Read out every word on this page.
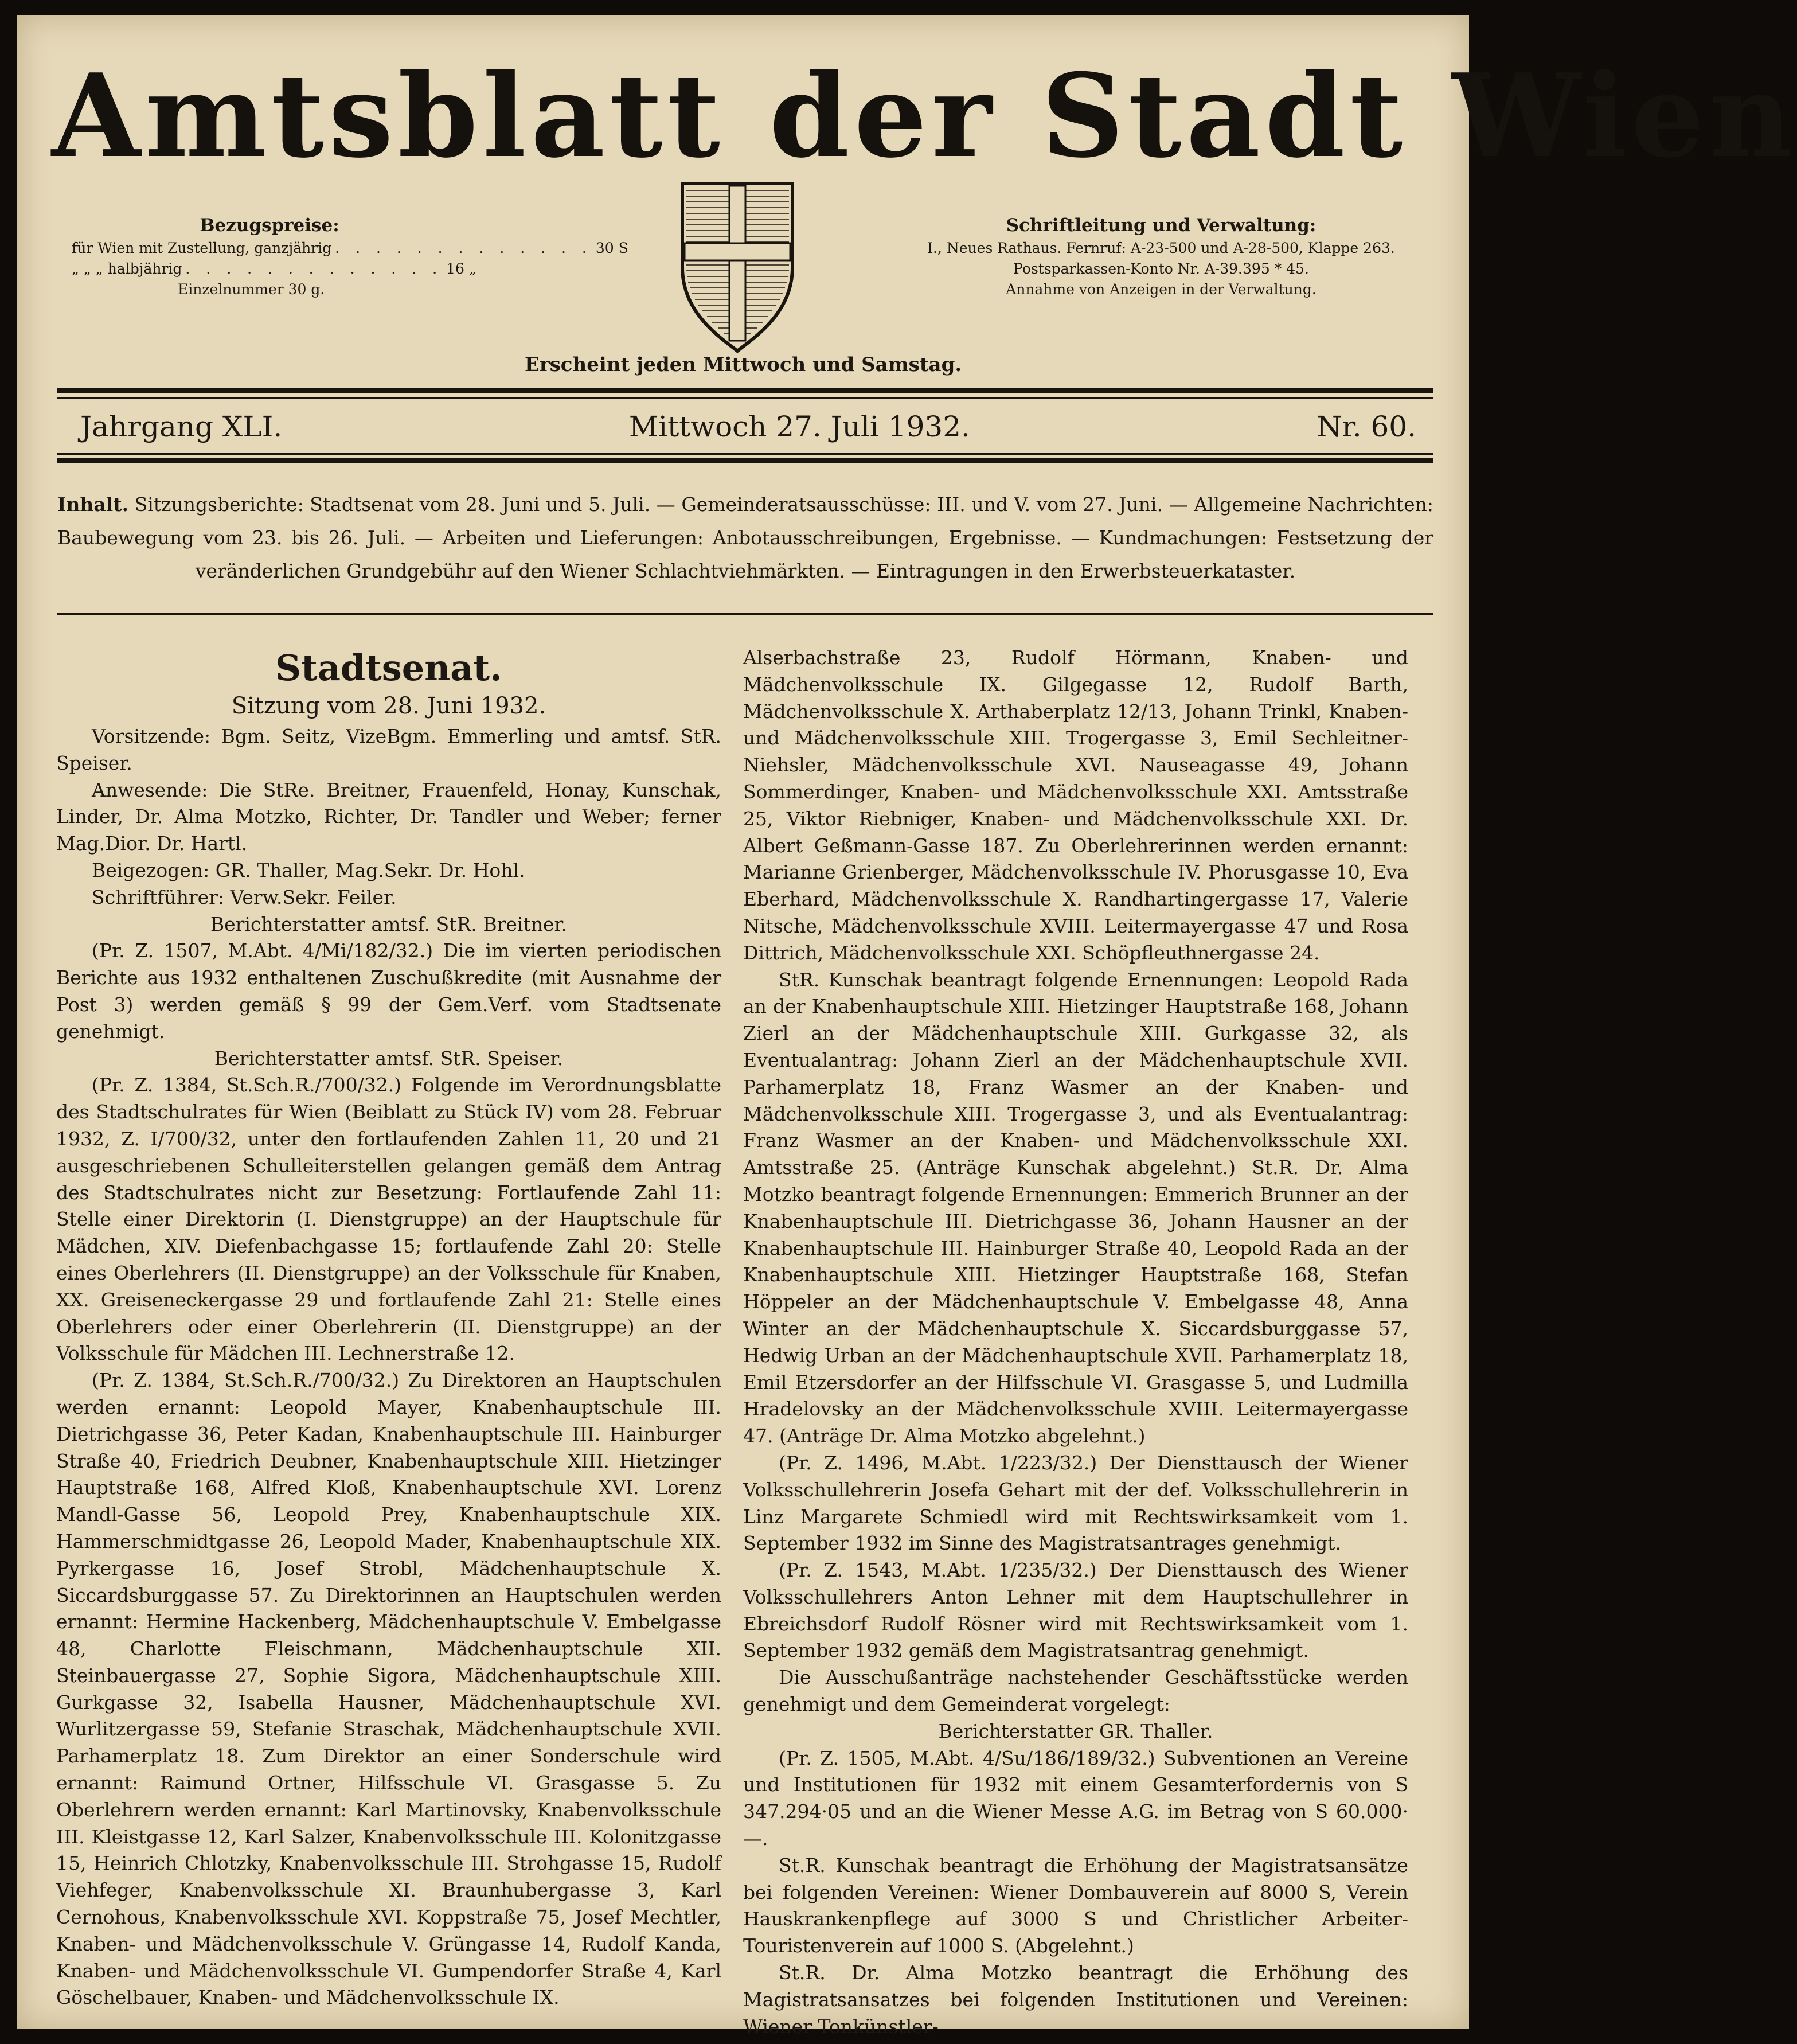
Amtsblatt der Stadt Wien
Bezugspreise:
für Wien mit Zustellung, ganzjährig . . . . . . . . . . . . . 30 S
„ „ „ halbjährig . . . . . . . . . . . . . 16 „
Einzelnummer 30 g.
Schriftleitung und Verwaltung:
I., Neues Rathaus. Fernruf: A-23-500 und A-28-500, Klappe 263.
Postsparkassen-Konto Nr. A-39.395 * 45.
Annahme von Anzeigen in der Verwaltung.
Erscheint jeden Mittwoch und Samstag.
Jahrgang XLI.	Mittwoch 27. Juli 1932.	Nr. 60.
Inhalt. Sitzungsberichte: Stadtsenat vom 28. Juni und 5. Juli. — Gemeinderatsausschüsse: III. und V. vom 27. Juni. — Allgemeine Nachrichten: Baubewegung vom 23. bis 26. Juli. — Arbeiten und Lieferungen: Anbotausschreibungen, Ergebnisse. — Kundmachungen: Festsetzung der veränderlichen Grundgebühr auf den Wiener Schlachtviehmärkten. — Eintragungen in den Erwerbsteuerkataster.
Stadtsenat.

Sitzung vom 28. Juni 1932.

Vorsitzende: Bgm. Seitz, VizeBgm. Emmerling und amtsf. StR. Speiser.

Anwesende: Die StRe. Breitner, Frauenfeld, Honay, Kunschak, Linder, Dr. Alma Motzko, Richter, Dr. Tandler und Weber; ferner Mag.Dior. Dr. Hartl.

Beigezogen: GR. Thaller, Mag.Sekr. Dr. Hohl.

Schriftführer: Verw.Sekr. Feiler.

Berichterstatter amtsf. StR. Breitner.

(Pr. Z. 1507, M.Abt. 4/Mi/182/32.) Die im vierten periodischen Berichte aus 1932 enthaltenen Zuschußkredite (mit Ausnahme der Post 3) werden gemäß § 99 der Gem.Verf. vom Stadtsenate genehmigt.

Berichterstatter amtsf. StR. Speiser.

(Pr. Z. 1384, St.Sch.R./700/32.) Folgende im Verordnungsblatte des Stadtschulrates für Wien (Beiblatt zu Stück IV) vom 28. Februar 1932, Z. I/700/32, unter den fortlaufenden Zahlen 11, 20 und 21 ausgeschriebenen Schulleiterstellen gelangen gemäß dem Antrag des Stadtschulrates nicht zur Besetzung: Fortlaufende Zahl 11: Stelle einer Direktorin (I. Dienstgruppe) an der Hauptschule für Mädchen, XIV. Diefenbachgasse 15; fortlaufende Zahl 20: Stelle eines Oberlehrers (II. Dienstgruppe) an der Volksschule für Knaben, XX. Greiseneckergasse 29 und fortlaufende Zahl 21: Stelle eines Oberlehrers oder einer Oberlehrerin (II. Dienstgruppe) an der Volksschule für Mädchen III. Lechnerstraße 12.

(Pr. Z. 1384, St.Sch.R./700/32.) Zu Direktoren an Hauptschulen werden ernannt: Leopold Mayer, Knabenhauptschule III. Dietrichgasse 36, Peter Kadan, Knabenhauptschule III. Hainburger Straße 40, Friedrich Deubner, Knabenhauptschule XIII. Hietzinger Hauptstraße 168, Alfred Kloß, Knabenhauptschule XVI. Lorenz Mandl-Gasse 56, Leopold Prey, Knabenhauptschule XIX. Hammerschmidtgasse 26, Leopold Mader, Knabenhauptschule XIX. Pyrkergasse 16, Josef Strobl, Mädchenhauptschule X. Siccardsburggasse 57. Zu Direktorinnen an Hauptschulen werden ernannt: Hermine Hackenberg, Mädchenhauptschule V. Embelgasse 48, Charlotte Fleischmann, Mädchenhauptschule XII. Steinbauergasse 27, Sophie Sigora, Mädchenhauptschule XIII. Gurkgasse 32, Isabella Hausner, Mädchenhauptschule XVI. Wurlitzergasse 59, Stefanie Straschak, Mädchenhauptschule XVII. Parhamerplatz 18. Zum Direktor an einer Sonderschule wird ernannt: Raimund Ortner, Hilfsschule VI. Grasgasse 5. Zu Oberlehrern werden ernannt: Karl Martinovsky, Knabenvolksschule III. Kleistgasse 12, Karl Salzer, Knabenvolksschule III. Kolonitzgasse 15, Heinrich Chlotzky, Knabenvolksschule III. Strohgasse 15, Rudolf Viehfeger, Knabenvolksschule XI. Braunhubergasse 3, Karl Cernohous, Knabenvolksschule XVI. Koppstraße 75, Josef Mechtler, Knaben- und Mädchenvolksschule V. Grüngasse 14, Rudolf Kanda, Knaben- und Mädchenvolksschule VI. Gumpendorfer Straße 4, Karl Göschelbauer, Knaben- und Mädchenvolksschule IX.

Alserbachstraße 23, Rudolf Hörmann, Knaben- und Mädchenvolksschule IX. Gilgegasse 12, Rudolf Barth, Mädchenvolksschule X. Arthaberplatz 12/13, Johann Trinkl, Knaben- und Mädchenvolksschule XIII. Trogergasse 3, Emil Sechleitner-Niehsler, Mädchenvolksschule XVI. Nauseagasse 49, Johann Sommerdinger, Knaben- und Mädchenvolksschule XXI. Amtsstraße 25, Viktor Riebniger, Knaben- und Mädchenvolksschule XXI. Dr. Albert Geßmann-Gasse 187. Zu Oberlehrerinnen werden ernannt: Marianne Grienberger, Mädchenvolksschule IV. Phorusgasse 10, Eva Eberhard, Mädchenvolksschule X. Randhartingergasse 17, Valerie Nitsche, Mädchenvolksschule XVIII. Leitermayergasse 47 und Rosa Dittrich, Mädchenvolksschule XXI. Schöpfleuthnergasse 24.

StR. Kunschak beantragt folgende Ernennungen: Leopold Rada an der Knabenhauptschule XIII. Hietzinger Hauptstraße 168, Johann Zierl an der Mädchenhauptschule XIII. Gurkgasse 32, als Eventualantrag: Johann Zierl an der Mädchenhauptschule XVII. Parhamerplatz 18, Franz Wasmer an der Knaben- und Mädchenvolksschule XIII. Trogergasse 3, und als Eventualantrag: Franz Wasmer an der Knaben- und Mädchenvolksschule XXI. Amtsstraße 25. (Anträge Kunschak abgelehnt.) St.R. Dr. Alma Motzko beantragt folgende Ernennungen: Emmerich Brunner an der Knabenhauptschule III. Dietrichgasse 36, Johann Hausner an der Knabenhauptschule III. Hainburger Straße 40, Leopold Rada an der Knabenhauptschule XIII. Hietzinger Hauptstraße 168, Stefan Höppeler an der Mädchenhauptschule V. Embelgasse 48, Anna Winter an der Mädchenhauptschule X. Siccardsburggasse 57, Hedwig Urban an der Mädchenhauptschule XVII. Parhamerplatz 18, Emil Etzersdorfer an der Hilfsschule VI. Grasgasse 5, und Ludmilla Hradelovsky an der Mädchenvolksschule XVIII. Leitermayergasse 47. (Anträge Dr. Alma Motzko abgelehnt.)

(Pr. Z. 1496, M.Abt. 1/223/32.) Der Diensttausch der Wiener Volksschullehrerin Josefa Gehart mit der def. Volksschullehrerin in Linz Margarete Schmiedl wird mit Rechtswirksamkeit vom 1. September 1932 im Sinne des Magistratsantrages genehmigt.

(Pr. Z. 1543, M.Abt. 1/235/32.) Der Diensttausch des Wiener Volksschullehrers Anton Lehner mit dem Hauptschullehrer in Ebreichsdorf Rudolf Rösner wird mit Rechtswirksamkeit vom 1. September 1932 gemäß dem Magistratsantrag genehmigt.

Die Ausschußanträge nachstehender Geschäftsstücke werden genehmigt und dem Gemeinderat vorgelegt:

Berichterstatter GR. Thaller.

(Pr. Z. 1505, M.Abt. 4/Su/186/189/32.) Subventionen an Vereine und Institutionen für 1932 mit einem Gesamterfordernis von S 347.294·05 und an die Wiener Messe A.G. im Betrag von S 60.000·—.

St.R. Kunschak beantragt die Erhöhung der Magistratsansätze bei folgenden Vereinen: Wiener Dombauverein auf 8000 S, Verein Hauskrankenpflege auf 3000 S und Christlicher Arbeiter-Touristenverein auf 1000 S. (Abgelehnt.)

St.R. Dr. Alma Motzko beantragt die Erhöhung des Magistratsansatzes bei folgenden Institutionen und Vereinen: Wiener Tonkünstler-
